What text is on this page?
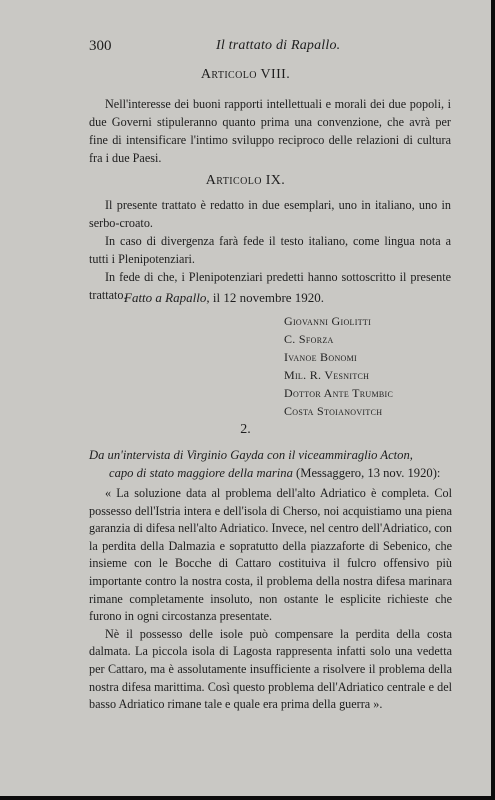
300	Il trattato di Rapallo.
Articolo VIII.

Nell'interesse dei buoni rapporti intellettuali e morali dei due popoli, i due Governi stipuleranno quanto prima una convenzione, che avrà per fine di intensificare l'intimo sviluppo reciproco delle relazioni di cultura fra i due Paesi.

Articolo IX.

Il presente trattato è redatto in due esemplari, uno in italiano, uno in serbo-croato.

In caso di divergenza farà fede il testo italiano, come lingua nota a tutti i Plenipotenziari.

In fede di che, i Plenipotenziari predetti hanno sottoscritto il presente trattato.

Fatto a Rapallo, il 12 novembre 1920.
Giovanni Giolitti
C. Sforza
Ivanoe Bonomi
Mil. R. Vesnitch
Dottor Ante Trumbic
Costa Stoianovitch
2.
Da un'intervista di Virginio Gayda con il viceammiraglio Acton,
capo di stato maggiore della marina (Messaggero, 13 nov. 1920):

« La soluzione data al problema dell'alto Adriatico è completa. Col possesso dell'Istria intera e dell'isola di Cherso, noi acquistiamo una piena garanzia di difesa nell'alto Adriatico. Invece, nel centro dell'Adriatico, con la perdita della Dalmazia e sopratutto della piazzaforte di Sebenico, che insieme con le Bocche di Cattaro costituiva il fulcro offensivo più importante contro la nostra costa, il problema della nostra difesa marinara rimane completamente insoluto, non ostante le esplicite richieste che furono in ogni circostanza presentate.

Nè il possesso delle isole può compensare la perdita della costa dalmata. La piccola isola di Lagosta rappresenta infatti solo una vedetta per Cattaro, ma è assolutamente insufficiente a risolvere il problema della nostra difesa marittima. Così questo problema dell'Adriatico centrale e del basso Adriatico rimane tale e quale era prima della guerra ».
